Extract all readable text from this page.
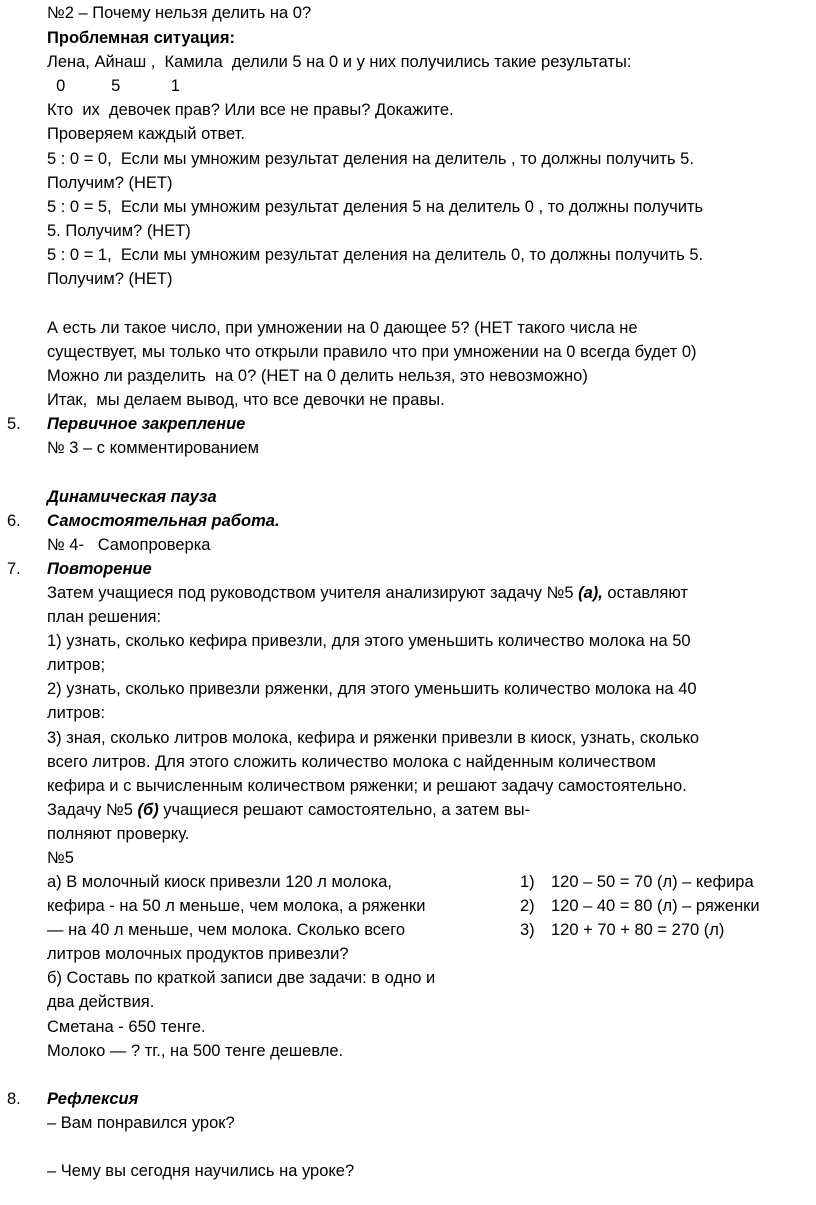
№2 – Почему нельзя делить на 0?
Проблемная ситуация:
Лена, Айнаш ,  Камила  делили 5 на 0 и у них получились такие результаты:
0          5           1
Кто  их  девочек прав? Или все не правы? Докажите.
Проверяем каждый ответ.
5 : 0 = 0,  Если мы умножим результат деления на делитель , то должны получить 5.
Получим? (НЕТ)
5 : 0 = 5,  Если мы умножим результат деления 5 на делитель 0 , то должны получить
5. Получим? (НЕТ)
5 : 0 = 1,  Если мы умножим результат деления на делитель 0, то должны получить 5.
Получим? (НЕТ)
А есть ли такое число, при умножении на 0 дающее 5? (НЕТ такого числа не
существует, мы только что открыли правило что при умножении на 0 всегда будет 0)
Можно ли разделить  на 0? (НЕТ на 0 делить нельзя, это невозможно)
Итак,  мы делаем вывод, что все девочки не правы.
5. Первичное закрепление
№ 3 – с комментированием
Динамическая пауза
6. Самостоятельная работа.
№ 4-   Самопроверка
7. Повторение
Затем учащиеся под руководством учителя анализируют задачу №5 (а), оставляют
план решения:
1) узнать, сколько кефира привезли, для этого уменьшить количество молока на 50
литров;
2) узнать, сколько привезли ряженки, для этого уменьшить количество молока на 40
литров:
3) зная, сколько литров молока, кефира и ряженки привезли в киоск, узнать, сколько
всего литров. Для этого сложить количество молока с найденным количеством
кефира и с вычисленным количеством ряженки; и решают задачу самостоятельно.
Задачу №5 (б) учащиеся решают самостоятельно, а затем вы-
полняют проверку.
№5
а) В молочный киоск привезли 120 л молока,
кефира - на 50 л меньше, чем молока, а ряженки
— на 40 л меньше, чем молока. Сколько всего
литров молочных продуктов привезли?
б) Составь по краткой записи две задачи: в одно и
два действия.
Сметана - 650 тенге.
Молоко — ? тг., на 500 тенге дешевле.
1) 120 – 50 = 70 (л) – кефира
2) 120 – 40 = 80 (л) – ряженки
3) 120 + 70 + 80 = 270 (л)
8. Рефлексия
– Вам понравился урок?
– Чему вы сегодня научились на уроке?
